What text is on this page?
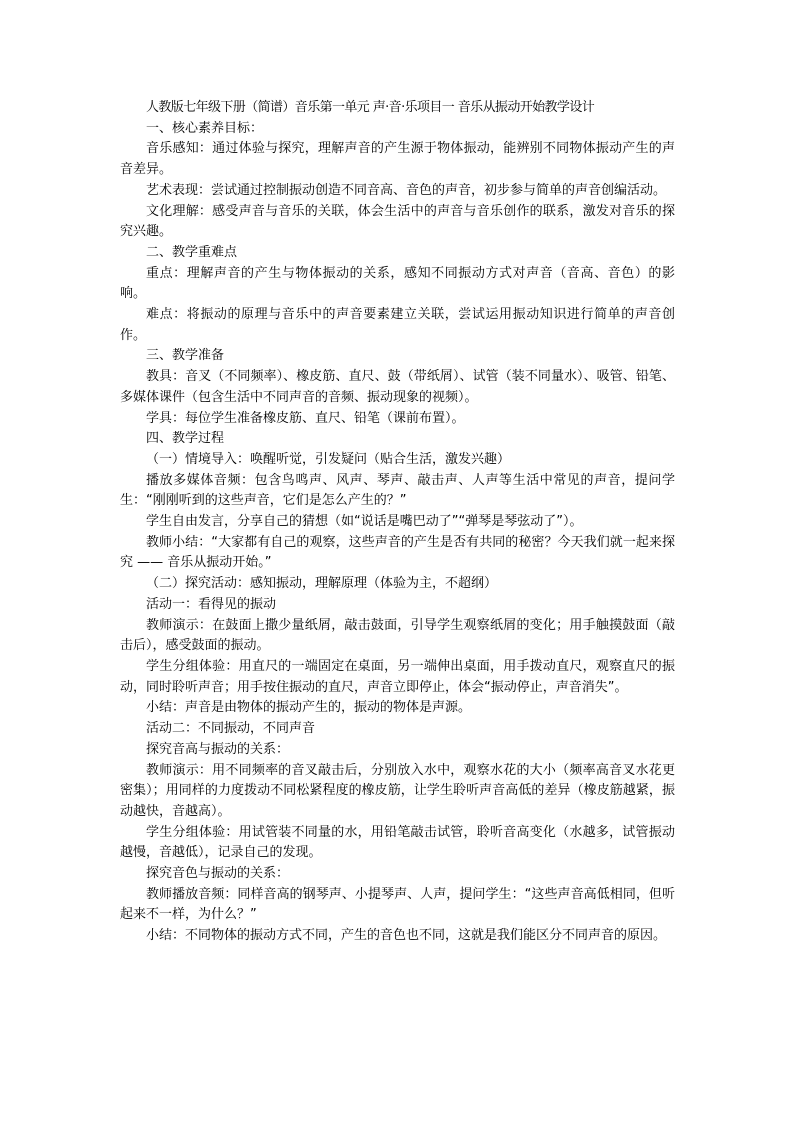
人教版七年级下册（简谱）音乐第一单元 声·音·乐项目一 音乐从振动开始教学设计

一、核心素养目标：

音乐感知：通过体验与探究，理解声音的产生源于物体振动，能辨别不同物体振动产生的声音差异。

艺术表现：尝试通过控制振动创造不同音高、音色的声音，初步参与简单的声音创编活动。

文化理解：感受声音与音乐的关联，体会生活中的声音与音乐创作的联系，激发对音乐的探究兴趣。

二、教学重难点

重点：理解声音的产生与物体振动的关系，感知不同振动方式对声音（音高、音色）的影响。

难点：将振动的原理与音乐中的声音要素建立关联，尝试运用振动知识进行简单的声音创作。

三、教学准备

教具：音叉（不同频率）、橡皮筋、直尺、鼓（带纸屑）、试管（装不同量水）、吸管、铅笔、多媒体课件（包含生活中不同声音的音频、振动现象的视频）。

学具：每位学生准备橡皮筋、直尺、铅笔（课前布置）。

四、教学过程

（一）情境导入：唤醒听觉，引发疑问（贴合生活，激发兴趣）

播放多媒体音频：包含鸟鸣声、风声、琴声、敲击声、人声等生活中常见的声音，提问学生：“刚刚听到的这些声音，它们是怎么产生的？”

学生自由发言，分享自己的猜想（如“说话是嘴巴动了”“弹琴是琴弦动了”）。

教师小结：“大家都有自己的观察，这些声音的产生是否有共同的秘密？今天我们就一起来探究 —— 音乐从振动开始。”

（二）探究活动：感知振动，理解原理（体验为主，不超纲）

活动一：看得见的振动

教师演示：在鼓面上撒少量纸屑，敲击鼓面，引导学生观察纸屑的变化；用手触摸鼓面（敲击后），感受鼓面的振动。

学生分组体验：用直尺的一端固定在桌面，另一端伸出桌面，用手拨动直尺，观察直尺的振动，同时聆听声音；用手按住振动的直尺，声音立即停止，体会“振动停止，声音消失”。

小结：声音是由物体的振动产生的，振动的物体是声源。

活动二：不同振动，不同声音

探究音高与振动的关系：

教师演示：用不同频率的音叉敲击后，分别放入水中，观察水花的大小（频率高音叉水花更密集）；用同样的力度拨动不同松紧程度的橡皮筋，让学生聆听声音高低的差异（橡皮筋越紧，振动越快，音越高）。

学生分组体验：用试管装不同量的水，用铅笔敲击试管，聆听音高变化（水越多，试管振动越慢，音越低），记录自己的发现。

探究音色与振动的关系：

教师播放音频：同样音高的钢琴声、小提琴声、人声，提问学生：“这些声音高低相同，但听起来不一样，为什么？”

小结：不同物体的振动方式不同，产生的音色也不同，这就是我们能区分不同声音的原因。
